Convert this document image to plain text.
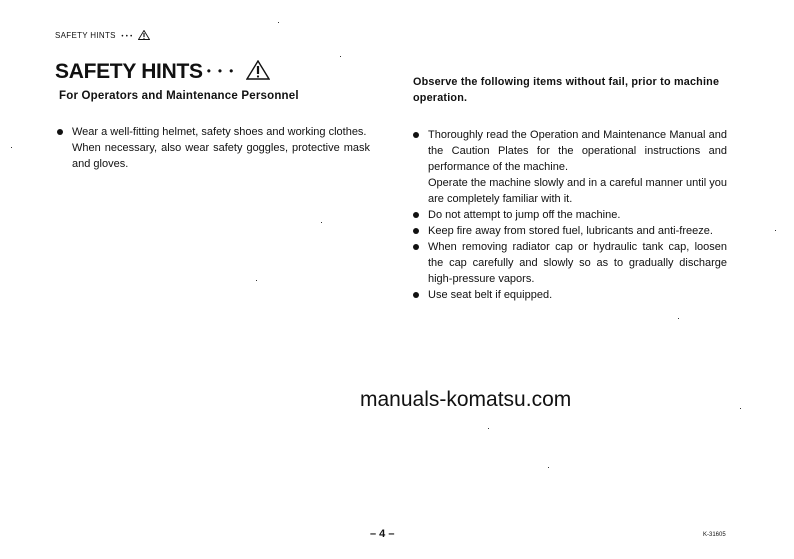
SAFETY HINTS • • •
SAFETY HINTS •••
For Operators and Maintenance Personnel
Wear a well-fitting helmet, safety shoes and working clothes.
When necessary, also wear safety goggles, protective mask and gloves.
Observe the following items without fail, prior to machine operation.
Thoroughly read the Operation and Maintenance Manual and the Caution Plates for the operational instructions and performance of the machine.
Operate the machine slowly and in a careful manner until you are completely familiar with it.
Do not attempt to jump off the machine.
Keep fire away from stored fuel, lubricants and anti-freeze.
When removing radiator cap or hydraulic tank cap, loosen the cap carefully and slowly so as to gradually discharge high-pressure vapors.
Use seat belt if equipped.
manuals-komatsu.com
– 4 –	K-31605
